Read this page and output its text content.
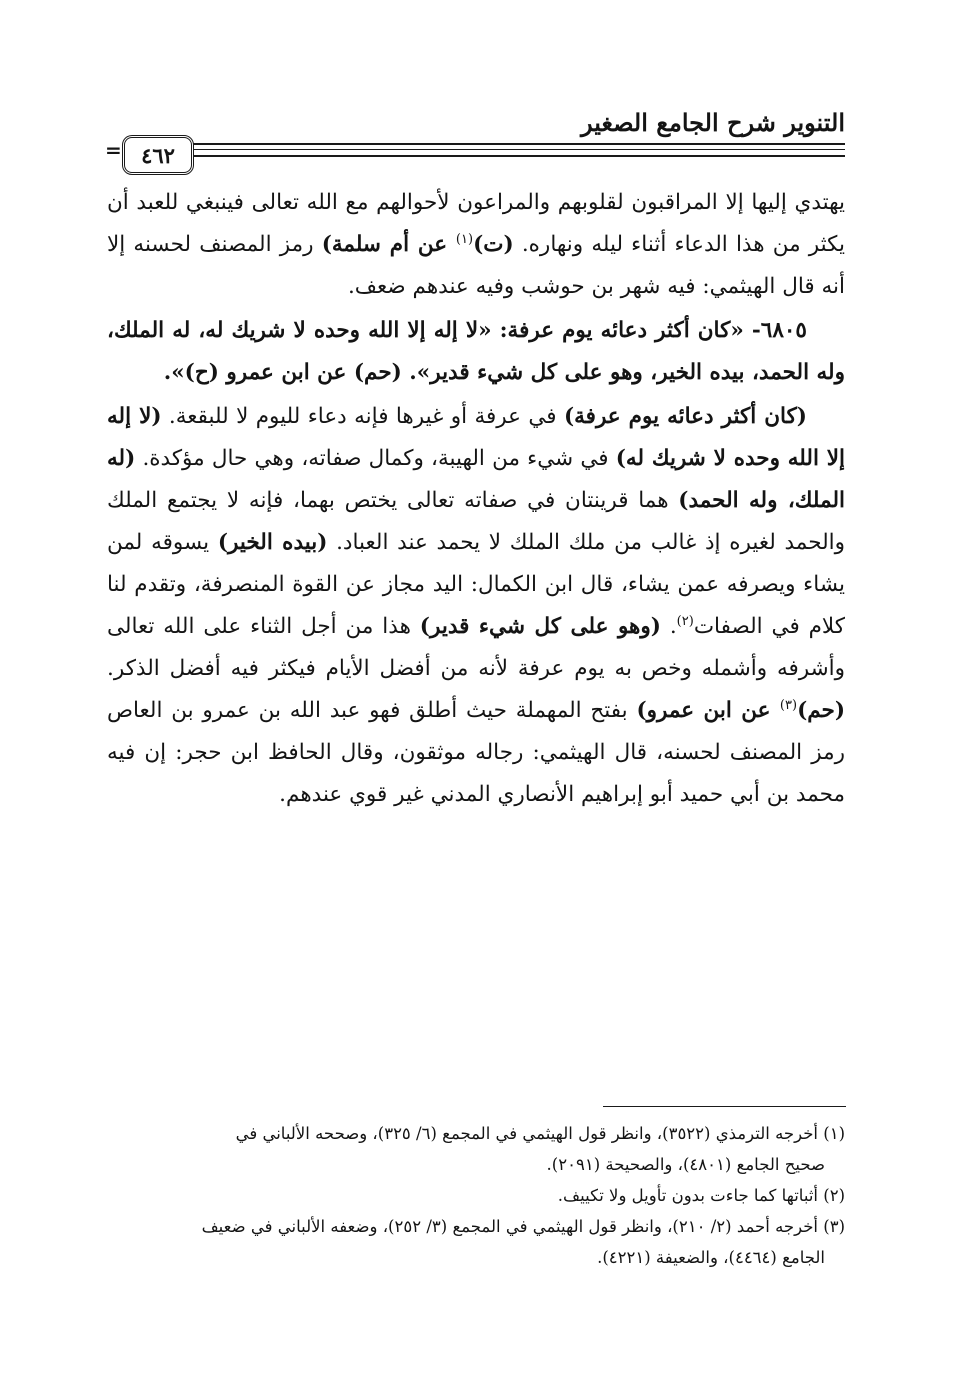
التنوير شرح الجامع الصغير
= ٤٦٢

يهتدي إليها إلا المراقبون لقلوبهم والمراعون لأحوالهم مع الله تعالى فينبغي للعبد أن يكثر من هذا الدعاء أثناء ليله ونهاره. (ت)$^{(١)}$ عن أم سلمة) رمز المصنف لحسنه إلا أنه قال الهيثمي: فيه شهر بن حوشب وفيه عندهم ضعف.

٦٨٠٥- «كان أكثر دعائه يوم عرفة: «لا إله إلا الله وحده لا شريك له، له الملك، وله الحمد، بيده الخير، وهو على كل شيء قدير». (حم) عن ابن عمرو (ح)».

(كان أكثر دعائه يوم عرفة) في عرفة أو غيرها فإنه دعاء لليوم لا للبقعة. (لا إله إلا الله وحده لا شريك له) في شيء من الهيبة، وكمال صفاته، وهي حال مؤكدة. (له الملك، وله الحمد) هما قرينتان في صفاته تعالى يختص بهما، فإنه لا يجتمع الملك والحمد لغيره إذ غالب من ملك الملك لا يحمد عند العباد. (بيده الخير) يسوقه لمن يشاء ويصرفه عمن يشاء، قال ابن الكمال: اليد مجاز عن القوة المنصرفة، وتقدم لنا كلام في الصفات$^{(٢)}$. (وهو على كل شيء قدير) هذا من أجل الثناء على الله تعالى وأشرفه وأشمله وخص به يوم عرفة لأنه من أفضل الأيام فيكثر فيه أفضل الذكر. (حم)$^{(٣)}$ عن ابن عمرو) بفتح المهملة حيث أطلق فهو عبد الله بن عمرو بن العاص رمز المصنف لحسنه، قال الهيثمي: رجاله موثقون، وقال الحافظ ابن حجر: إن فيه محمد بن أبي حميد أبو إبراهيم الأنصاري المدني غير قوي عندهم.

(١) أخرجه الترمذي (٣٥٢٢)، وانظر قول الهيثمي في المجمع (٦/ ٣٢٥)، وصححه الألباني في

صحيح الجامع (٤٨٠١)، والصحيحة (٢٠٩١).

(٢) أثباتها كما جاءت بدون تأويل ولا تكييف.

(٣) أخرجه أحمد (٢/ ٢١٠)، وانظر قول الهيثمي في المجمع (٣/ ٢٥٢)، وضعفه الألباني في ضعيف

الجامع (٤٤٦٤)، والضعيفة (٤٢٢١).
